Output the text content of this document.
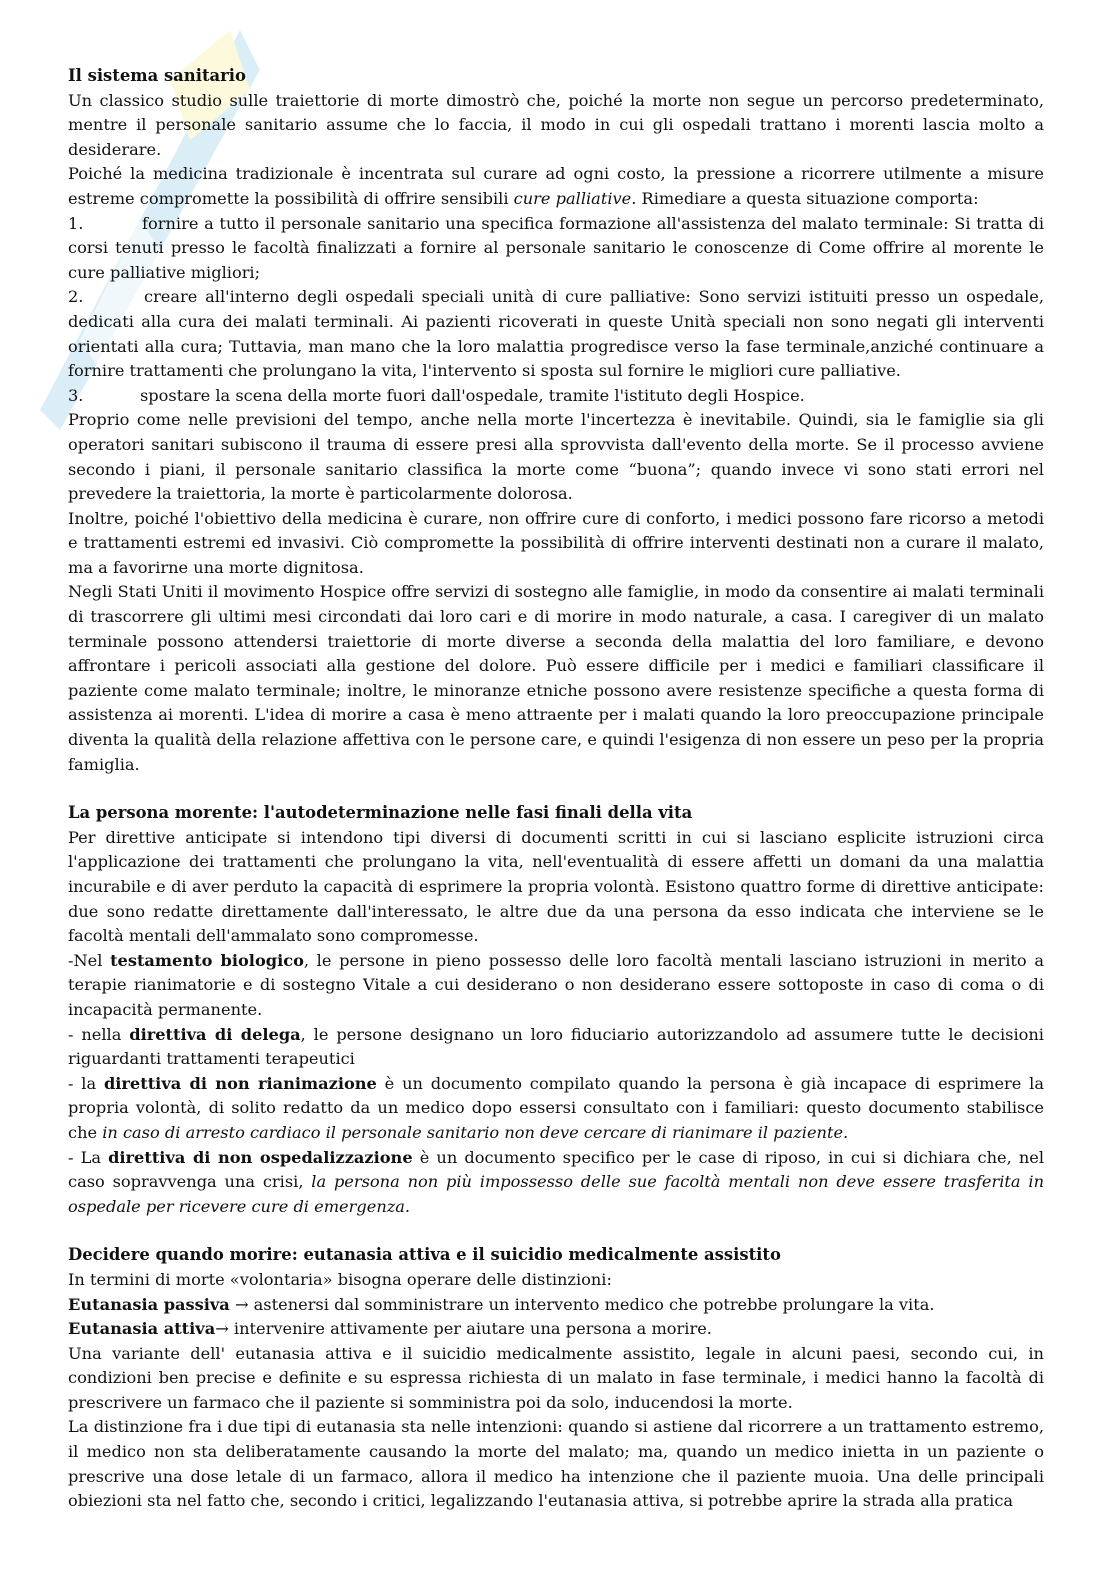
Il sistema sanitario

Un classico studio sulle traiettorie di morte dimostrò che, poiché la morte non segue un percorso predeterminato, mentre il personale sanitario assume che lo faccia, il modo in cui gli ospedali trattano i morenti lascia molto a desiderare.

Poiché la medicina tradizionale è incentrata sul curare ad ogni costo, la pressione a ricorrere utilmente a misure estreme compromette la possibilità di offrire sensibili cure palliative. Rimediare a questa situazione comporta:

1.	fornire a tutto il personale sanitario una specifica formazione all'assistenza del malato terminale: Si tratta di corsi tenuti presso le facoltà finalizzati a fornire al personale sanitario le conoscenze di Come offrire al morente le cure palliative migliori;

2.	creare all'interno degli ospedali speciali unità di cure palliative: Sono servizi istituiti presso un ospedale, dedicati alla cura dei malati terminali. Ai pazienti ricoverati in queste Unità speciali non sono negati gli interventi orientati alla cura; Tuttavia, man mano che la loro malattia progredisce verso la fase terminale,anziché continuare a fornire trattamenti che prolungano la vita, l'intervento si sposta sul fornire le migliori cure palliative.

3.	spostare la scena della morte fuori dall'ospedale, tramite l'istituto degli Hospice.

Proprio come nelle previsioni del tempo, anche nella morte l'incertezza è inevitabile. Quindi, sia le famiglie sia gli operatori sanitari subiscono il trauma di essere presi alla sprovvista dall'evento della morte. Se il processo avviene secondo i piani, il personale sanitario classifica la morte come “buona”; quando invece vi sono stati errori nel prevedere la traiettoria, la morte è particolarmente dolorosa.

Inoltre, poiché l'obiettivo della medicina è curare, non offrire cure di conforto, i medici possono fare ricorso a metodi e trattamenti estremi ed invasivi. Ciò compromette la possibilità di offrire interventi destinati non a curare il malato, ma a favorirne una morte dignitosa.

Negli Stati Uniti il movimento Hospice offre servizi di sostegno alle famiglie, in modo da consentire ai malati terminali di trascorrere gli ultimi mesi circondati dai loro cari e di morire in modo naturale, a casa. I caregiver di un malato terminale possono attendersi traiettorie di morte diverse a seconda della malattia del loro familiare, e devono affrontare i pericoli associati alla gestione del dolore. Può essere difficile per i medici e familiari classificare il paziente come malato terminale; inoltre, le minoranze etniche possono avere resistenze specifiche a questa forma di assistenza ai morenti. L'idea di morire a casa è meno attraente per i malati quando la loro preoccupazione principale diventa la qualità della relazione affettiva con le persone care, e quindi l'esigenza di non essere un peso per la propria famiglia.

La persona morente: l'autodeterminazione nelle fasi finali della vita

Per direttive anticipate si intendono tipi diversi di documenti scritti in cui si lasciano esplicite istruzioni circa l'applicazione dei trattamenti che prolungano la vita, nell'eventualità di essere affetti un domani da una malattia incurabile e di aver perduto la capacità di esprimere la propria volontà. Esistono quattro forme di direttive anticipate: due sono redatte direttamente dall'interessato, le altre due da una persona da esso indicata che interviene se le facoltà mentali dell'ammalato sono compromesse.

-Nel testamento biologico, le persone in pieno possesso delle loro facoltà mentali lasciano istruzioni in merito a terapie rianimatorie e di sostegno Vitale a cui desiderano o non desiderano essere sottoposte in caso di coma o di incapacità permanente.

- nella direttiva di delega, le persone designano un loro fiduciario autorizzandolo ad assumere tutte le decisioni riguardanti trattamenti terapeutici

- la direttiva di non rianimazione è un documento compilato quando la persona è già incapace di esprimere la propria volontà, di solito redatto da un medico dopo essersi consultato con i familiari: questo documento stabilisce che in caso di arresto cardiaco il personale sanitario non deve cercare di rianimare il paziente.

- La direttiva di non ospedalizzazione è un documento specifico per le case di riposo, in cui si dichiara che, nel caso sopravvenga una crisi, la persona non più impossesso delle sue facoltà mentali non deve essere trasferita in ospedale per ricevere cure di emergenza.

Decidere quando morire: eutanasia attiva e il suicidio medicalmente assistito

In termini di morte «volontaria» bisogna operare delle distinzioni:

Eutanasia passiva → astenersi dal somministrare un intervento medico che potrebbe prolungare la vita.

Eutanasia attiva→ intervenire attivamente per aiutare una persona a morire.

Una variante dell' eutanasia attiva e il suicidio medicalmente assistito, legale in alcuni paesi, secondo cui, in condizioni ben precise e definite e su espressa richiesta di un malato in fase terminale, i medici hanno la facoltà di prescrivere un farmaco che il paziente si somministra poi da solo, inducendosi la morte.

La distinzione fra i due tipi di eutanasia sta nelle intenzioni: quando si astiene dal ricorrere a un trattamento estremo, il medico non sta deliberatamente causando la morte del malato; ma, quando un medico inietta in un paziente o prescrive una dose letale di un farmaco, allora il medico ha intenzione che il paziente muoia. Una delle principali obiezioni sta nel fatto che, secondo i critici, legalizzando l'eutanasia attiva, si potrebbe aprire la strada alla pratica
